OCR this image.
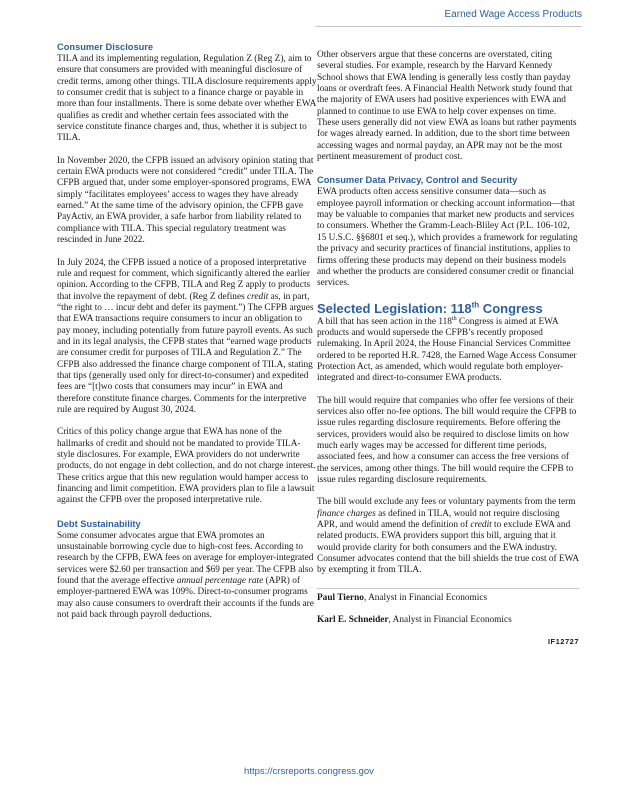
Earned Wage Access Products
Consumer Disclosure

TILA and its implementing regulation, Regulation Z (Reg Z), aim to ensure that consumers are provided with meaningful disclosure of credit terms, among other things. TILA disclosure requirements apply to consumer credit that is subject to a finance charge or payable in more than four installments. There is some debate over whether EWA qualifies as credit and whether certain fees associated with the service constitute finance charges and, thus, whether it is subject to TILA.

In November 2020, the CFPB issued an advisory opinion stating that certain EWA products were not considered “credit” under TILA. The CFPB argued that, under some employer-sponsored programs, EWA simply “facilitates employees’ access to wages they have already earned.” At the same time of the advisory opinion, the CFPB gave PayActiv, an EWA provider, a safe harbor from liability related to compliance with TILA. This special regulatory treatment was rescinded in June 2022.

In July 2024, the CFPB issued a notice of a proposed interpretative rule and request for comment, which significantly altered the earlier opinion. According to the CFPB, TILA and Reg Z apply to products that involve the repayment of debt. (Reg Z defines credit as, in part, “the right to … incur debt and defer its payment.”) The CFPB argues that EWA transactions require consumers to incur an obligation to pay money, including potentially from future payroll events. As such and in its legal analysis, the CFPB states that “earned wage products are consumer credit for purposes of TILA and Regulation Z.” The CFPB also addressed the finance charge component of TILA, stating that tips (generally used only for direct-to-consumer) and expedited fees are “[t]wo costs that consumers may incur” in EWA and therefore constitute finance charges. Comments for the interpretive rule are required by August 30, 2024.

Critics of this policy change argue that EWA has none of the hallmarks of credit and should not be mandated to provide TILA-style disclosures. For example, EWA providers do not underwrite products, do not engage in debt collection, and do not charge interest. These critics argue that this new regulation would hamper access to financing and limit competition. EWA providers plan to file a lawsuit against the CFPB over the proposed interpretative rule.

Debt Sustainability

Some consumer advocates argue that EWA promotes an unsustainable borrowing cycle due to high-cost fees. According to research by the CFPB, EWA fees on average for employer-integrated services were $2.60 per transaction and $69 per year. The CFPB also found that the average effective annual percentage rate (APR) of employer-partnered EWA was 109%. Direct-to-consumer programs may also cause consumers to overdraft their accounts if the funds are not paid back through payroll deductions.

Other observers argue that these concerns are overstated, citing several studies. For example, research by the Harvard Kennedy School shows that EWA lending is generally less costly than payday loans or overdraft fees. A Financial Health Network study found that the majority of EWA users had positive experiences with EWA and planned to continue to use EWA to help cover expenses on time. These users generally did not view EWA as loans but rather payments for wages already earned. In addition, due to the short time between accessing wages and normal payday, an APR may not be the most pertinent measurement of product cost.

Consumer Data Privacy, Control and Security

EWA products often access sensitive consumer data—such as employee payroll information or checking account information—that may be valuable to companies that market new products and services to consumers. Whether the Gramm-Leach-Bliley Act (P.L. 106-102, 15 U.S.C. §§6801 et seq.), which provides a framework for regulating the privacy and security practices of financial institutions, applies to firms offering these products may depend on their business models and whether the products are considered consumer credit or financial services.

Selected Legislation: 118th Congress

A bill that has seen action in the 118th Congress is aimed at EWA products and would supersede the CFPB’s recently proposed rulemaking. In April 2024, the House Financial Services Committee ordered to be reported H.R. 7428, the Earned Wage Access Consumer Protection Act, as amended, which would regulate both employer-integrated and direct-to-consumer EWA products.

The bill would require that companies who offer fee versions of their services also offer no-fee options. The bill would require the CFPB to issue rules regarding disclosure requirements. Before offering the services, providers would also be required to disclose limits on how much early wages may be accessed for different time periods, associated fees, and how a consumer can access the free versions of the services, among other things. The bill would require the CFPB to issue rules regarding disclosure requirements.

The bill would exclude any fees or voluntary payments from the term finance charges as defined in TILA, would not require disclosing APR, and would amend the definition of credit to exclude EWA and related products. EWA providers support this bill, arguing that it would provide clarity for both consumers and the EWA industry. Consumer advocates contend that the bill shields the true cost of EWA by exempting it from TILA.

Paul Tierno, Analyst in Financial Economics

Karl E. Schneider, Analyst in Financial Economics

IF12727
https://crsreports.congress.gov
